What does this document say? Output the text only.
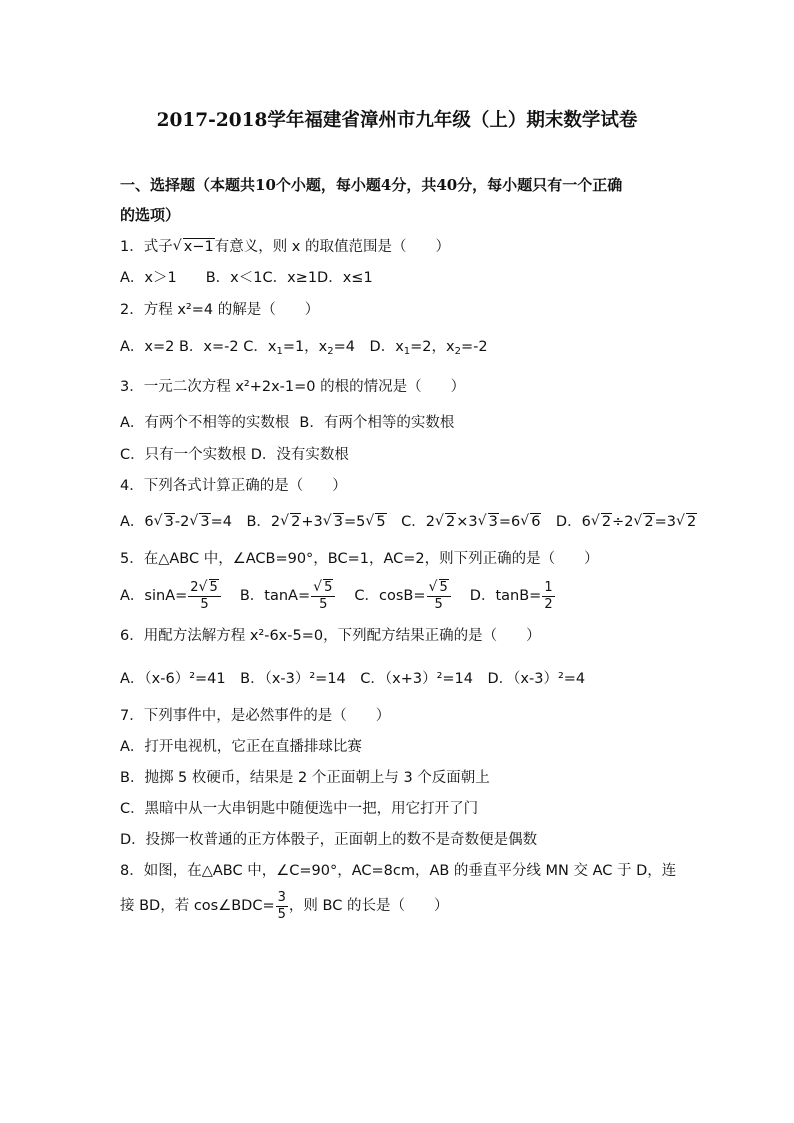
2017-2018学年福建省漳州市九年级（上）期末数学试卷
一、选择题（本题共10个小题，每小题4分，共40分，每小题只有一个正确
的选项）
1．式子 √ x−1有意义，则 x 的取值范围是（　　）
A．x＞1　　B．x＜1C．x≥1D．x≤1
2．方程 x²=4 的解是（　　）
A．x=2 B．x=-2 C．$x_1=1$，$x_2=4$　D．$x_1=2$，$x_2=-2$
3．一元二次方程 x²+2x-1=0 的根的情况是（　　）
A．有两个不相等的实数根 B．有两个相等的实数根
C．只有一个实数根 D．没有实数根
4．下列各式计算正确的是（　　）
A．6 √ 3-2 √ 3=4　B．2 √ 2+3 √ 3=5 √ 5　C．2 √ 2×3 √ 3=6 √ 6　D．6 √ 2÷2 √ 2=3 √ 2
5．在△ABC 中，∠ACB=90°，BC=1，AC=2，则下列正确的是（　　）
A．$\sin A= \frac{2 √ 5}{5}$ B．tanA= √ $\frac{5}{5}$ C．cosB= √ $\frac{5}{5}$ D．$\tan B= \frac{1}{2}$
6．用配方法解方程 x²-6x-5=0，下列配方结果正确的是（　　）
A．（x-6）²=41　B．（x-3）²=14　C．（x+3）²=14　D．（x-3）²=4
7．下列事件中，是必然事件的是（　　）
A．打开电视机，它正在直播排球比赛
B．抛掷 5 枚硬币，结果是 2 个正面朝上与 3 个反面朝上
C．黑暗中从一大串钥匙中随便选中一把，用它打开了门
D．投掷一枚普通的正方体骰子，正面朝上的数不是奇数便是偶数
8．如图，在△ABC 中，∠C=90°，AC=8cm，AB 的垂直平分线 MN 交 AC 于 D，连
接 BD，若 cos∠BDC= $\frac{3}{5}$ ，则 BC 的长是（　　）
